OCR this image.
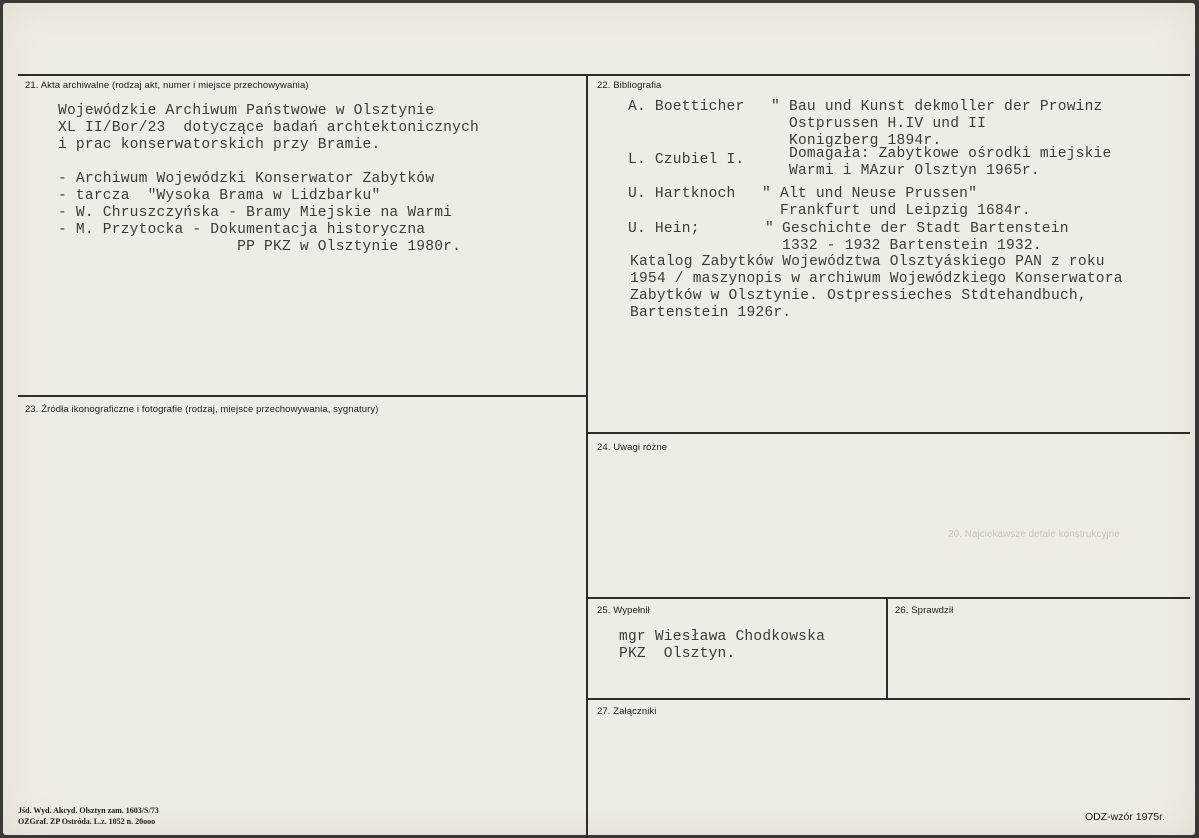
20. Najciekawsze detale konstrukcyjne
21. Akta archiwalne (rodzaj akt, numer i miejsce przechowywania)
Wojewódzkie Archiwum Państwowe w Olsztynie
XL II/Bor/23  dotyczące badań archtektonicznych
i prac konserwatorskich przy Bramie.
- Archiwum Wojewódzki Konserwator Zabytków
- tarcza  "Wysoka Brama w Lidzbarku"
- W. Chruszczyńska - Bramy Miejskie na Warmi
- M. Przytocka - Dokumentacja historyczna
PP PKZ w Olsztynie 1980r.
22. Bibliografia
A. Boetticher " Bau und Kunst dekmoller der Prowinz
Ostprussen H.IV und II
Konigzberg 1894r.
L. Czubiel I.	Domagała: Zabytkowe ośrodki miejskie
Warmi i MAzur Olsztyn 1965r.
U. Hartknoch " Alt und Neuse Prussen"
Frankfurt und Leipzig 1684r.
U. Hein;	" Geschichte der Stadt Bartenstein
1332 - 1932 Bartenstein 1932.
Katalog Zabytków Województwa Olsztyáskiego PAN z roku
1954 / maszynopis w archiwum Wojewódzkiego Konserwatora
Zabytków w Olsztynie. Ostpressieches Stdtehandbuch,
Bartenstein 1926r.
23. Źródła ikonograficzne i fotografie (rodzaj, miejsce przechowywania, sygnatury)
24. Uwagi różne
25. Wypełnił
mgr Wiesława Chodkowska
PKZ  Olsztyn.
26. Sprawdził
27. Załączniki
Jśd. Wyd. Akcyd. Olsztyn zam. 1603/S/73
OZGraf. ZP Ostróda. L.z. 1052 n. 20ooo	ODZ-wzór 1975r.
